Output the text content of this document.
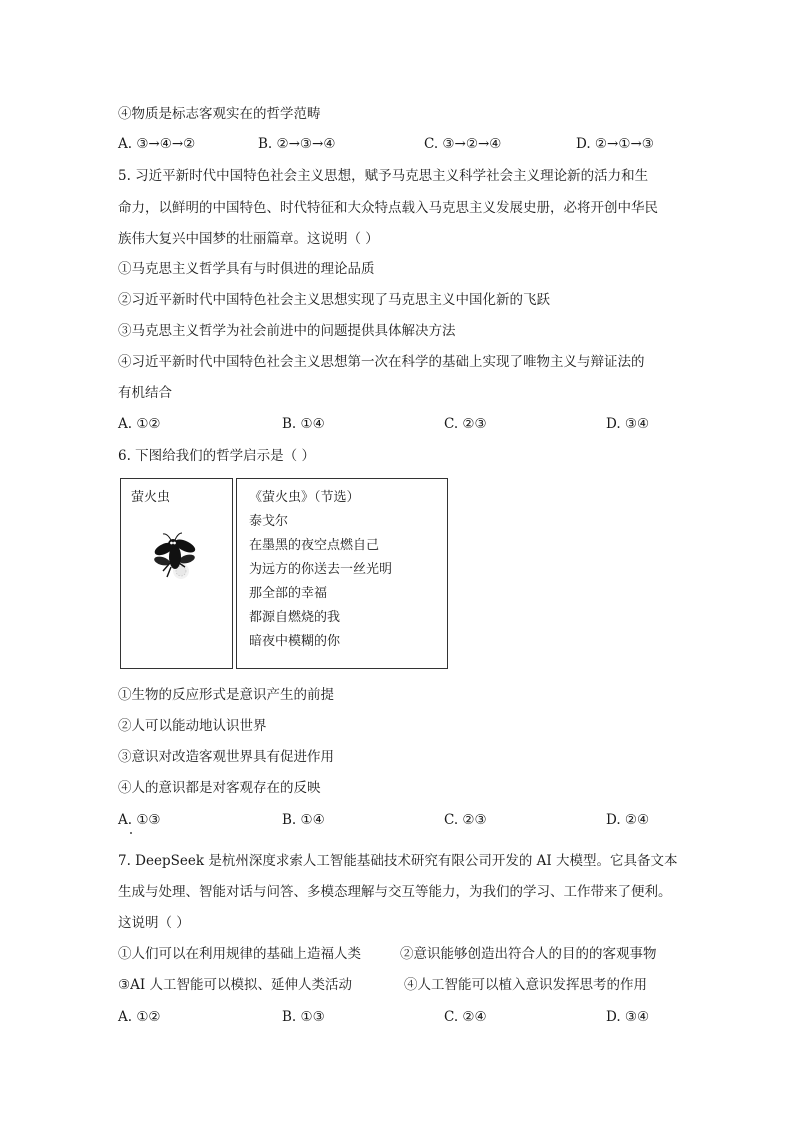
④物质是标志客观实在的哲学范畴
A. ③→④→②	B. ②→③→④	C. ③→②→④	D. ②→①→③
5. 习近平新时代中国特色社会主义思想，赋予马克思主义科学社会主义理论新的活力和生
命力，以鲜明的中国特色、时代特征和大众特点载入马克思主义发展史册，必将开创中华民
族伟大复兴中国梦的壮丽篇章。这说明（ ）
①马克思主义哲学具有与时俱进的理论品质
②习近平新时代中国特色社会主义思想实现了马克思主义中国化新的飞跃
③马克思主义哲学为社会前进中的问题提供具体解决方法
④习近平新时代中国特色社会主义思想第一次在科学的基础上实现了唯物主义与辩证法的
有机结合
A. ①②	B. ①④	C. ②③	D. ③④
6. 下图给我们的哲学启示是（ ）
萤火虫	《萤火虫》（节选）
泰戈尔
在墨黑的夜空点燃自己
为远方的你送去一丝光明
那全部的幸福
都源自燃烧的我
暗夜中模糊的你
①生物的反应形式是意识产生的前提
②人可以能动地认识世界
③意识对改造客观世界具有促进作用
④人的意识都是对客观存在的反映
A. ①③	B. ①④	C. ②③	D. ②④
7. DeepSeek 是杭州深度求索人工智能基础技术研究有限公司开发的 AI 大模型。它具备文本
生成与处理、智能对话与问答、多模态理解与交互等能力，为我们的学习、工作带来了便利。
这说明（ ）
①人们可以在利用规律的基础上造福人类	②意识能够创造出符合人的目的的客观事物
③AI 人工智能可以模拟、延伸人类活动	④人工智能可以植入意识发挥思考的作用
A. ①②	B. ①③	C. ②④	D. ③④
